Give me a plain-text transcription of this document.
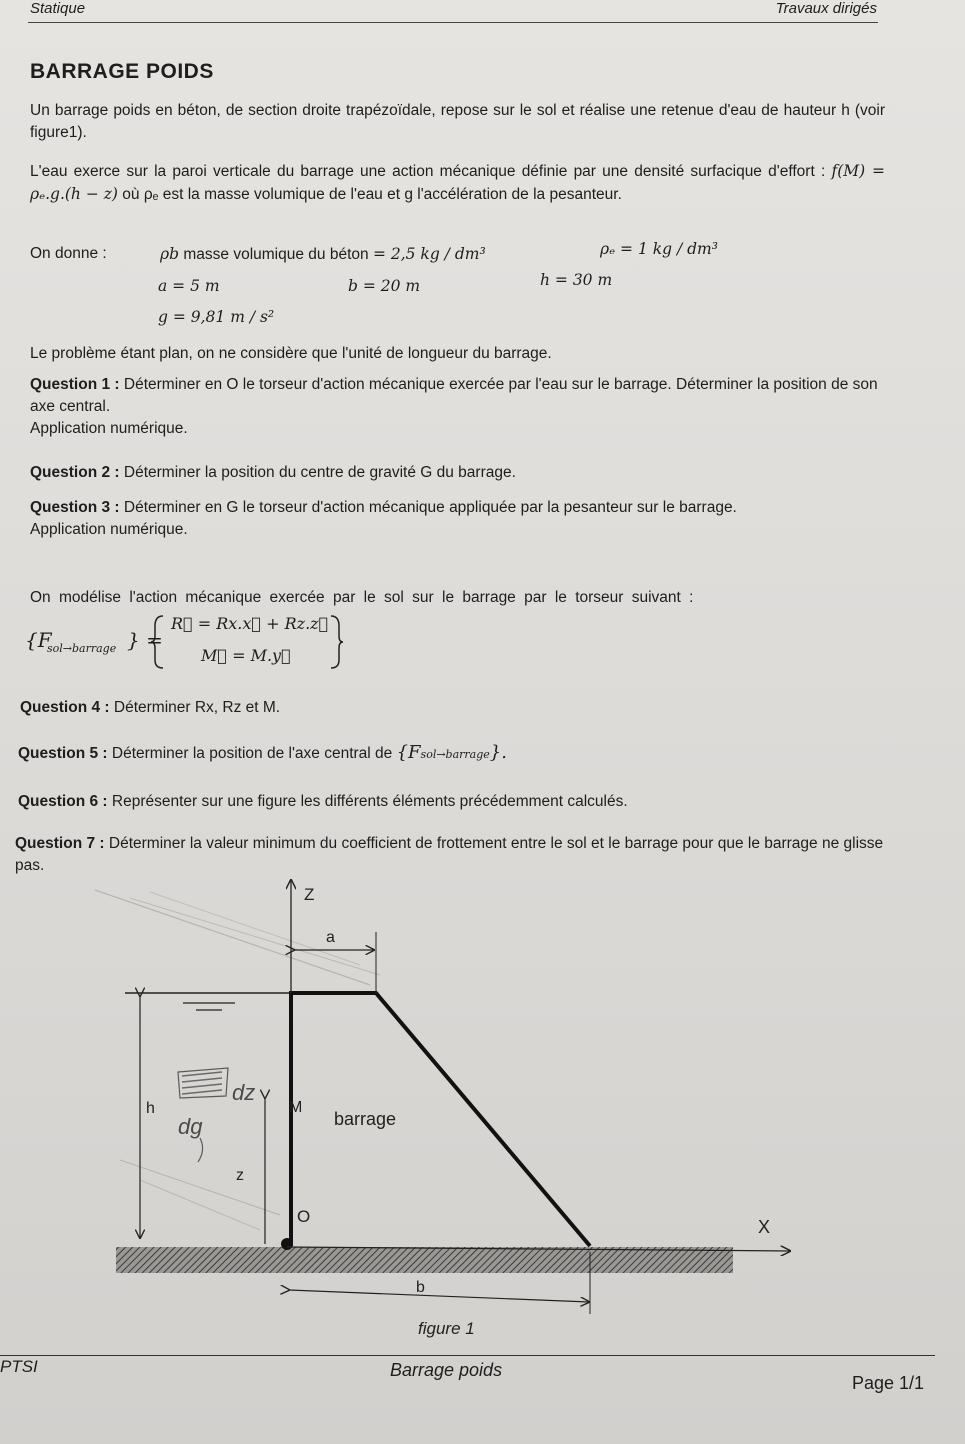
Statique	Travaux dirigés
BARRAGE POIDS
Un barrage poids en béton, de section droite trapézoïdale, repose sur le sol et réalise une retenue d'eau de hauteur h (voir figure1).
L'eau exerce sur la paroi verticale du barrage une action mécanique définie par une densité surfacique d'effort : f(M) = ρₑ.g.(h − z) où ρₑ est la masse volumique de l'eau et g l'accélération de la pesanteur.
On donne :	ρb masse volumique du béton = 2,5 kg / dm³	ρₑ = 1 kg / dm³
a = 5 m	b = 20 m	h = 30 m
g = 9,81 m / s²
Le problème étant plan, on ne considère que l'unité de longueur du barrage.
Question 1 : Déterminer en O le torseur d'action mécanique exercée par l'eau sur le barrage. Déterminer la position de son axe central.
Application numérique.
Question 2 : Déterminer la position du centre de gravité G du barrage.
Question 3 : Déterminer en G le torseur d'action mécanique appliquée par la pesanteur sur le barrage.
Application numérique.
On modélise l'action mécanique exercée par le sol sur le barrage par le torseur suivant :
{F
sol→barrage } =
R⃗ = Rx.x⃗ + Rz.z⃗
M⃗ = M.y⃗
Question 4 : Déterminer Rx, Rz et M.
Question 5 : Déterminer la position de l'axe central de {Fsol→barrage}.
Question 6 : Représenter sur une figure les différents éléments précédemment calculés.
Question 7 : Déterminer la valeur minimum du coefficient de frottement entre le sol et le barrage pour que le barrage ne glisse pas.
h
dz
dg
z
Z
a
M
barrage
O
X
b
figure 1
PTSI	Barrage poids
Page 1/1
